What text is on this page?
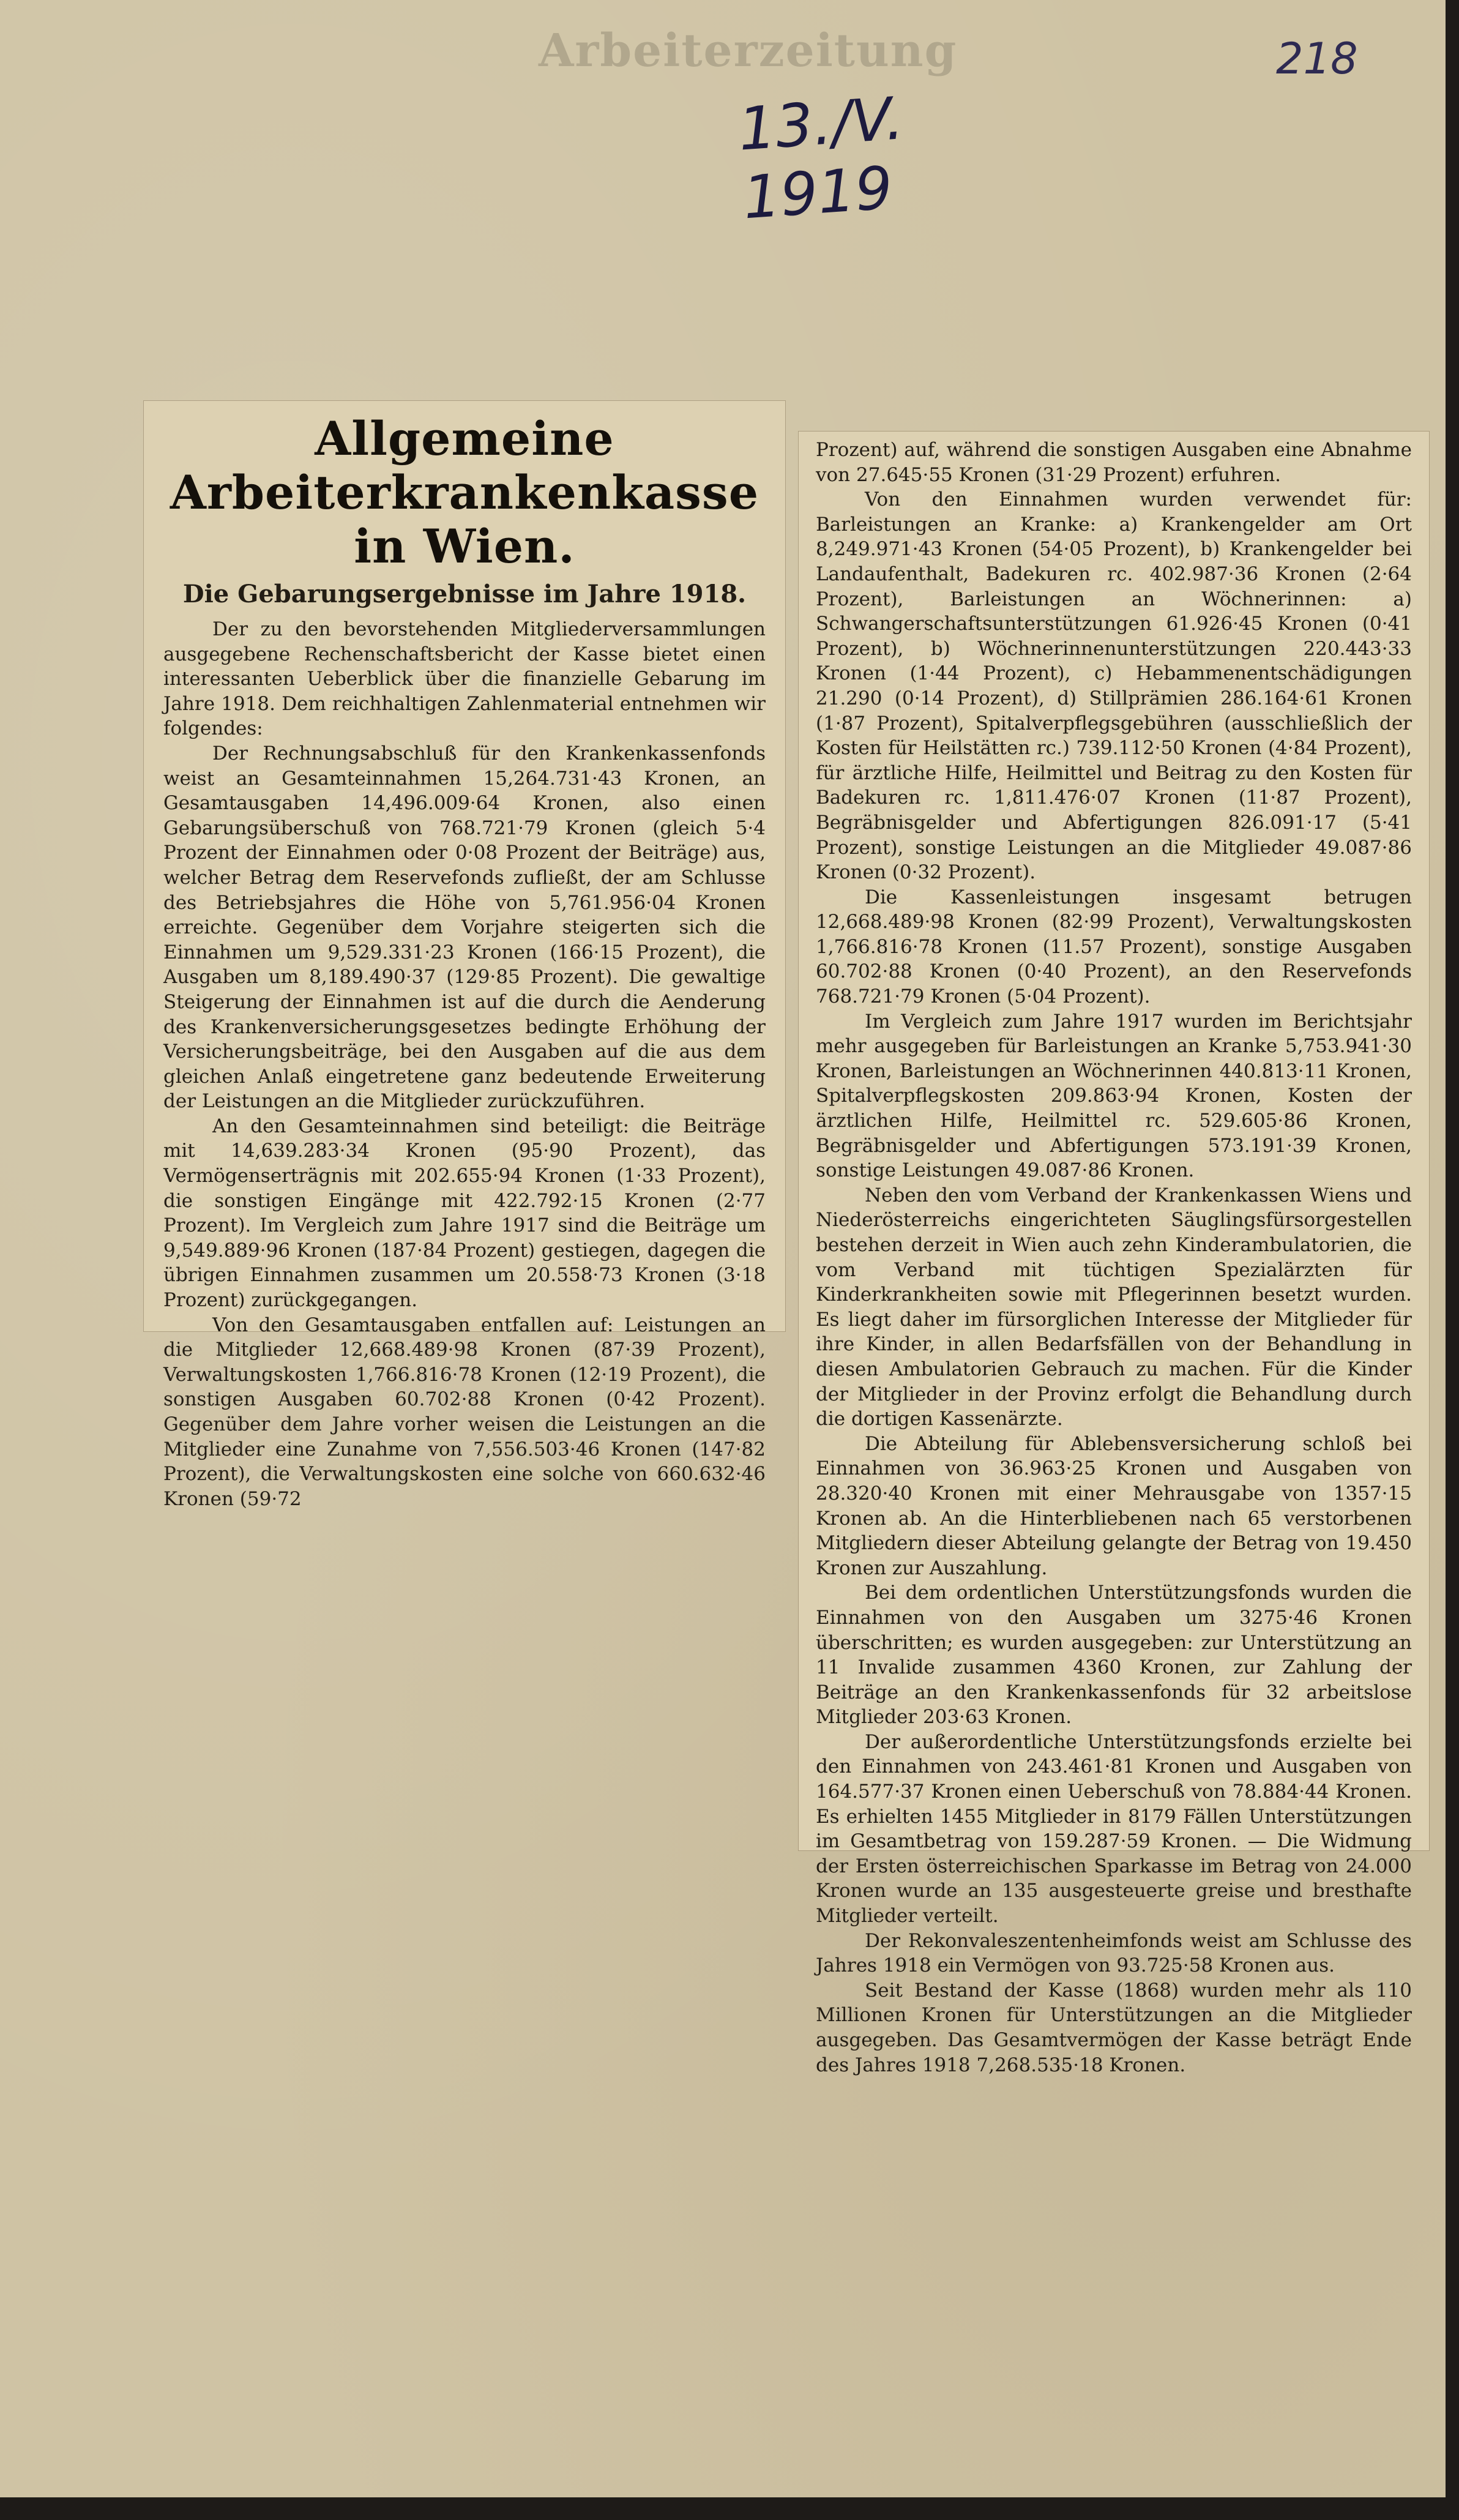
Arbeiterzeitung	218
13./V. 1919
Allgemeine Arbeiterkrankenkasse in Wien.
Die Gebarungsergebnisse im Jahre 1918.

Der zu den bevorstehenden Mitgliederversammlungen ausgegebene Rechenschaftsbericht der Kasse bietet einen interessanten Ueberblick über die finanzielle Gebarung im Jahre 1918. Dem reichhaltigen Zahlenmaterial entnehmen wir folgendes:

Der Rechnungsabschluß für den Krankenkassenfonds weist an Gesamteinnahmen 15,264.731·43 Kronen, an Gesamtausgaben 14,496.009·64 Kronen, also einen Gebarungsüberschuß von 768.721·79 Kronen (gleich 5·4 Prozent der Einnahmen oder 0·08 Prozent der Beiträge) aus, welcher Betrag dem Reservefonds zufließt, der am Schlusse des Betriebsjahres die Höhe von 5,761.956·04 Kronen erreichte. Gegenüber dem Vorjahre steigerten sich die Einnahmen um 9,529.331·23 Kronen (166·15 Prozent), die Ausgaben um 8,189.490·37 (129·85 Prozent). Die gewaltige Steigerung der Einnahmen ist auf die durch die Aenderung des Krankenversicherungsgesetzes bedingte Erhöhung der Versicherungsbeiträge, bei den Ausgaben auf die aus dem gleichen Anlaß eingetretene ganz bedeutende Erweiterung der Leistungen an die Mitglieder zurückzuführen.

An den Gesamteinnahmen sind beteiligt: die Beiträge mit 14,639.283·34 Kronen (95·90 Prozent), das Vermögenserträgnis mit 202.655·94 Kronen (1·33 Prozent), die sonstigen Eingänge mit 422.792·15 Kronen (2·77 Prozent). Im Vergleich zum Jahre 1917 sind die Beiträge um 9,549.889·96 Kronen (187·84 Prozent) gestiegen, dagegen die übrigen Einnahmen zusammen um 20.558·73 Kronen (3·18 Prozent) zurückgegangen.

Von den Gesamtausgaben entfallen auf: Leistungen an die Mitglieder 12,668.489·98 Kronen (87·39 Prozent), Verwaltungskosten 1,766.816·78 Kronen (12·19 Prozent), die sonstigen Ausgaben 60.702·88 Kronen (0·42 Prozent). Gegenüber dem Jahre vorher weisen die Leistungen an die Mitglieder eine Zunahme von 7,556.503·46 Kronen (147·82 Prozent), die Verwaltungskosten eine solche von 660.632·46 Kronen (59·72

Prozent) auf, während die sonstigen Ausgaben eine Abnahme von 27.645·55 Kronen (31·29 Prozent) erfuhren.

Von den Einnahmen wurden verwendet für: Barleistungen an Kranke: a) Krankengelder am Ort 8,249.971·43 Kronen (54·05 Prozent), b) Krankengelder bei Landaufenthalt, Badekuren rc. 402.987·36 Kronen (2·64 Prozent), Barleistungen an Wöchnerinnen: a) Schwangerschaftsunterstützungen 61.926·45 Kronen (0·41 Prozent), b) Wöchnerinnenunterstützungen 220.443·33 Kronen (1·44 Prozent), c) Hebammenentschädigungen 21.290 (0·14 Prozent), d) Stillprämien 286.164·61 Kronen (1·87 Prozent), Spitalverpflegsgebühren (ausschließlich der Kosten für Heilstätten rc.) 739.112·50 Kronen (4·84 Prozent), für ärztliche Hilfe, Heilmittel und Beitrag zu den Kosten für Badekuren rc. 1,811.476·07 Kronen (11·87 Prozent), Begräbnisgelder und Abfertigungen 826.091·17 (5·41 Prozent), sonstige Leistungen an die Mitglieder 49.087·86 Kronen (0·32 Prozent).

Die Kassenleistungen insgesamt betrugen 12,668.489·98 Kronen (82·99 Prozent), Verwaltungskosten 1,766.816·78 Kronen (11.57 Prozent), sonstige Ausgaben 60.702·88 Kronen (0·40 Prozent), an den Reservefonds 768.721·79 Kronen (5·04 Prozent).

Im Vergleich zum Jahre 1917 wurden im Berichtsjahr mehr ausgegeben für Barleistungen an Kranke 5,753.941·30 Kronen, Barleistungen an Wöchnerinnen 440.813·11 Kronen, Spitalverpflegskosten 209.863·94 Kronen, Kosten der ärztlichen Hilfe, Heilmittel rc. 529.605·86 Kronen, Begräbnisgelder und Abfertigungen 573.191·39 Kronen, sonstige Leistungen 49.087·86 Kronen.

Neben den vom Verband der Krankenkassen Wiens und Niederösterreichs eingerichteten Säuglingsfürsorgestellen bestehen derzeit in Wien auch zehn Kinderambulatorien, die vom Verband mit tüchtigen Spezialärzten für Kinderkrankheiten sowie mit Pflegerinnen besetzt wurden. Es liegt daher im fürsorglichen Interesse der Mitglieder für ihre Kinder, in allen Bedarfsfällen von der Behandlung in diesen Ambulatorien Gebrauch zu machen. Für die Kinder der Mitglieder in der Provinz erfolgt die Behandlung durch die dortigen Kassenärzte.

Die Abteilung für Ablebensversicherung schloß bei Einnahmen von 36.963·25 Kronen und Ausgaben von 28.320·40 Kronen mit einer Mehrausgabe von 1357·15 Kronen ab. An die Hinterbliebenen nach 65 verstorbenen Mitgliedern dieser Abteilung gelangte der Betrag von 19.450 Kronen zur Auszahlung.

Bei dem ordentlichen Unterstützungsfonds wurden die Einnahmen von den Ausgaben um 3275·46 Kronen überschritten; es wurden ausgegeben: zur Unterstützung an 11 Invalide zusammen 4360 Kronen, zur Zahlung der Beiträge an den Krankenkassenfonds für 32 arbeitslose Mitglieder 203·63 Kronen.

Der außerordentliche Unterstützungsfonds erzielte bei den Einnahmen von 243.461·81 Kronen und Ausgaben von 164.577·37 Kronen einen Ueberschuß von 78.884·44 Kronen. Es erhielten 1455 Mitglieder in 8179 Fällen Unterstützungen im Gesamtbetrag von 159.287·59 Kronen. — Die Widmung der Ersten österreichischen Sparkasse im Betrag von 24.000 Kronen wurde an 135 ausgesteuerte greise und bresthafte Mitglieder verteilt.

Der Rekonvaleszentenheimfonds weist am Schlusse des Jahres 1918 ein Vermögen von 93.725·58 Kronen aus.

Seit Bestand der Kasse (1868) wurden mehr als 110 Millionen Kronen für Unterstützungen an die Mitglieder ausgegeben. Das Gesamtvermögen der Kasse beträgt Ende des Jahres 1918 7,268.535·18 Kronen.
